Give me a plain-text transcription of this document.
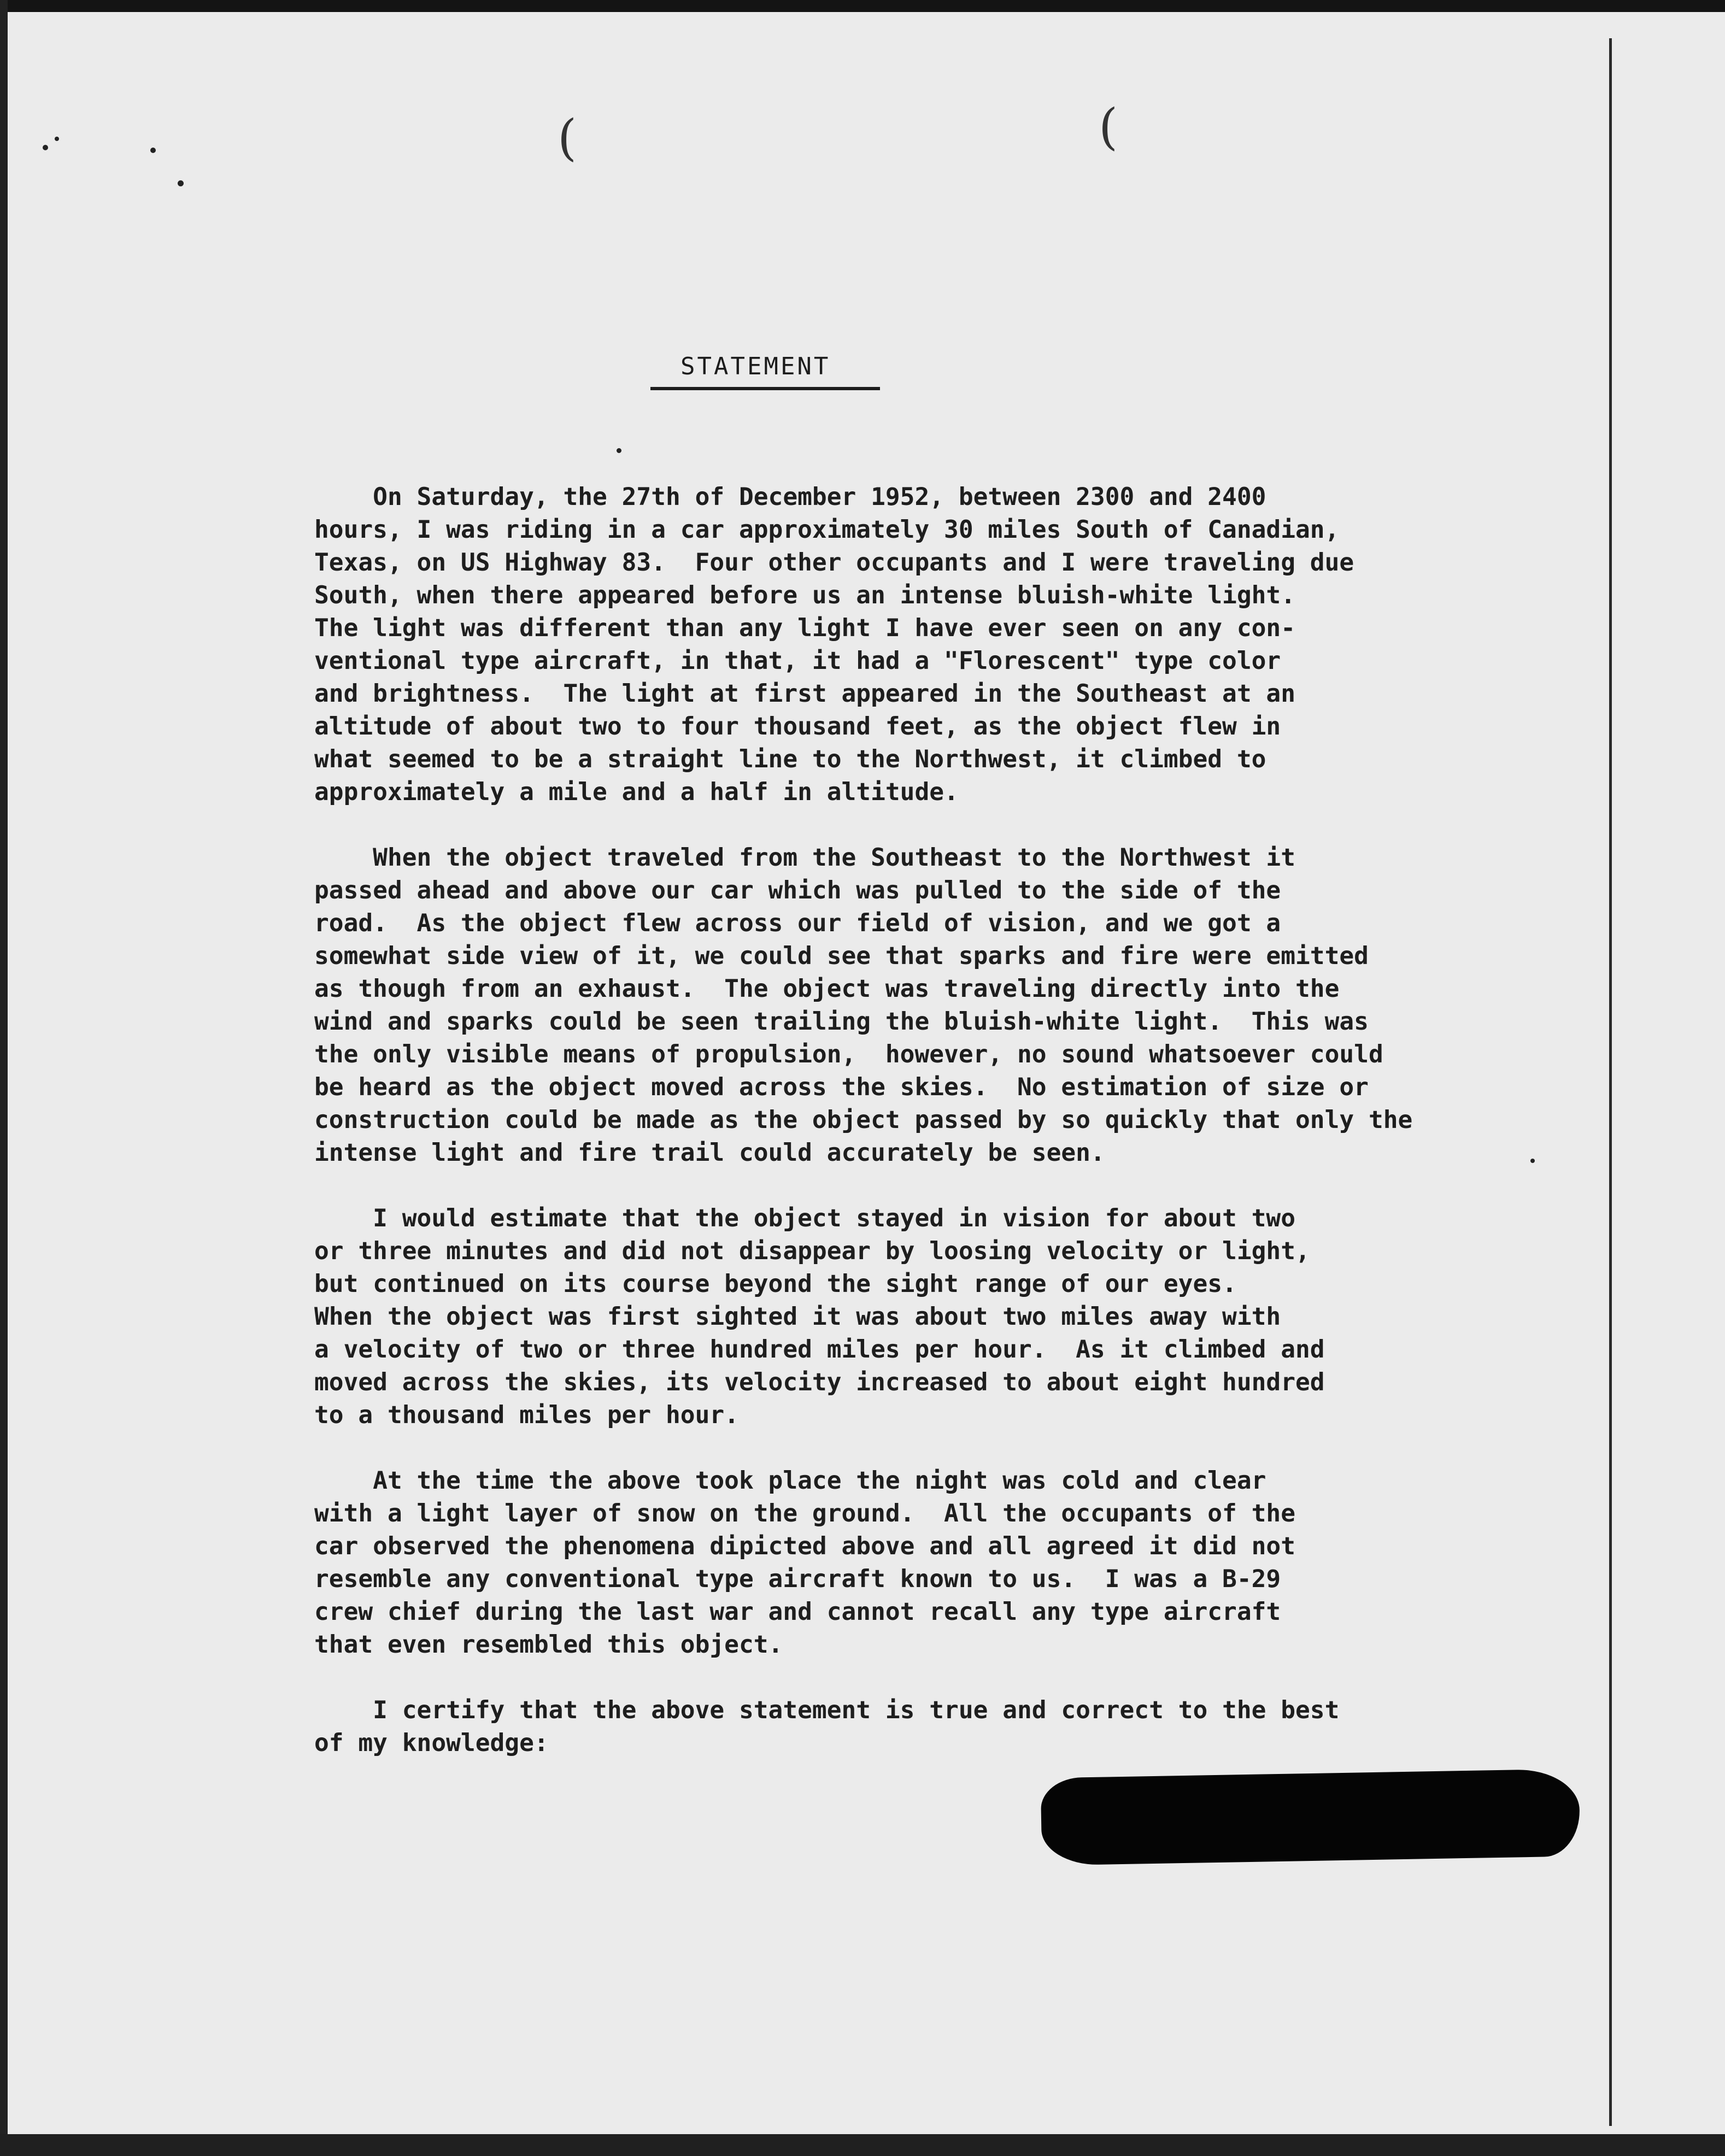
(	(
STATEMENT

On Saturday, the 27th of December 1952, between 2300 and 2400

hours, I was riding in a car approximately 30 miles South of Canadian,

Texas, on US Highway 83.  Four other occupants and I were traveling due

South, when there appeared before us an intense bluish-white light.

The light was different than any light I have ever seen on any con-

ventional type aircraft, in that, it had a "Florescent" type color

and brightness.  The light at first appeared in the Southeast at an

altitude of about two to four thousand feet, as the object flew in

what seemed to be a straight line to the Northwest, it climbed to

approximately a mile and a half in altitude.

When the object traveled from the Southeast to the Northwest it

passed ahead and above our car which was pulled to the side of the

road.  As the object flew across our field of vision, and we got a

somewhat side view of it, we could see that sparks and fire were emitted

as though from an exhaust.  The object was traveling directly into the

wind and sparks could be seen trailing the bluish-white light.  This was

the only visible means of propulsion,  however, no sound whatsoever could

be heard as the object moved across the skies.  No estimation of size or

construction could be made as the object passed by so quickly that only the

intense light and fire trail could accurately be seen.

I would estimate that the object stayed in vision for about two

or three minutes and did not disappear by loosing velocity or light,

but continued on its course beyond the sight range of our eyes.

When the object was first sighted it was about two miles away with

a velocity of two or three hundred miles per hour.  As it climbed and

moved across the skies, its velocity increased to about eight hundred

to a thousand miles per hour.

At the time the above took place the night was cold and clear

with a light layer of snow on the ground.  All the occupants of the

car observed the phenomena dipicted above and all agreed it did not

resemble any conventional type aircraft known to us.  I was a B-29

crew chief during the last war and cannot recall any type aircraft

that even resembled this object.

I certify that the above statement is true and correct to the best

of my knowledge:
